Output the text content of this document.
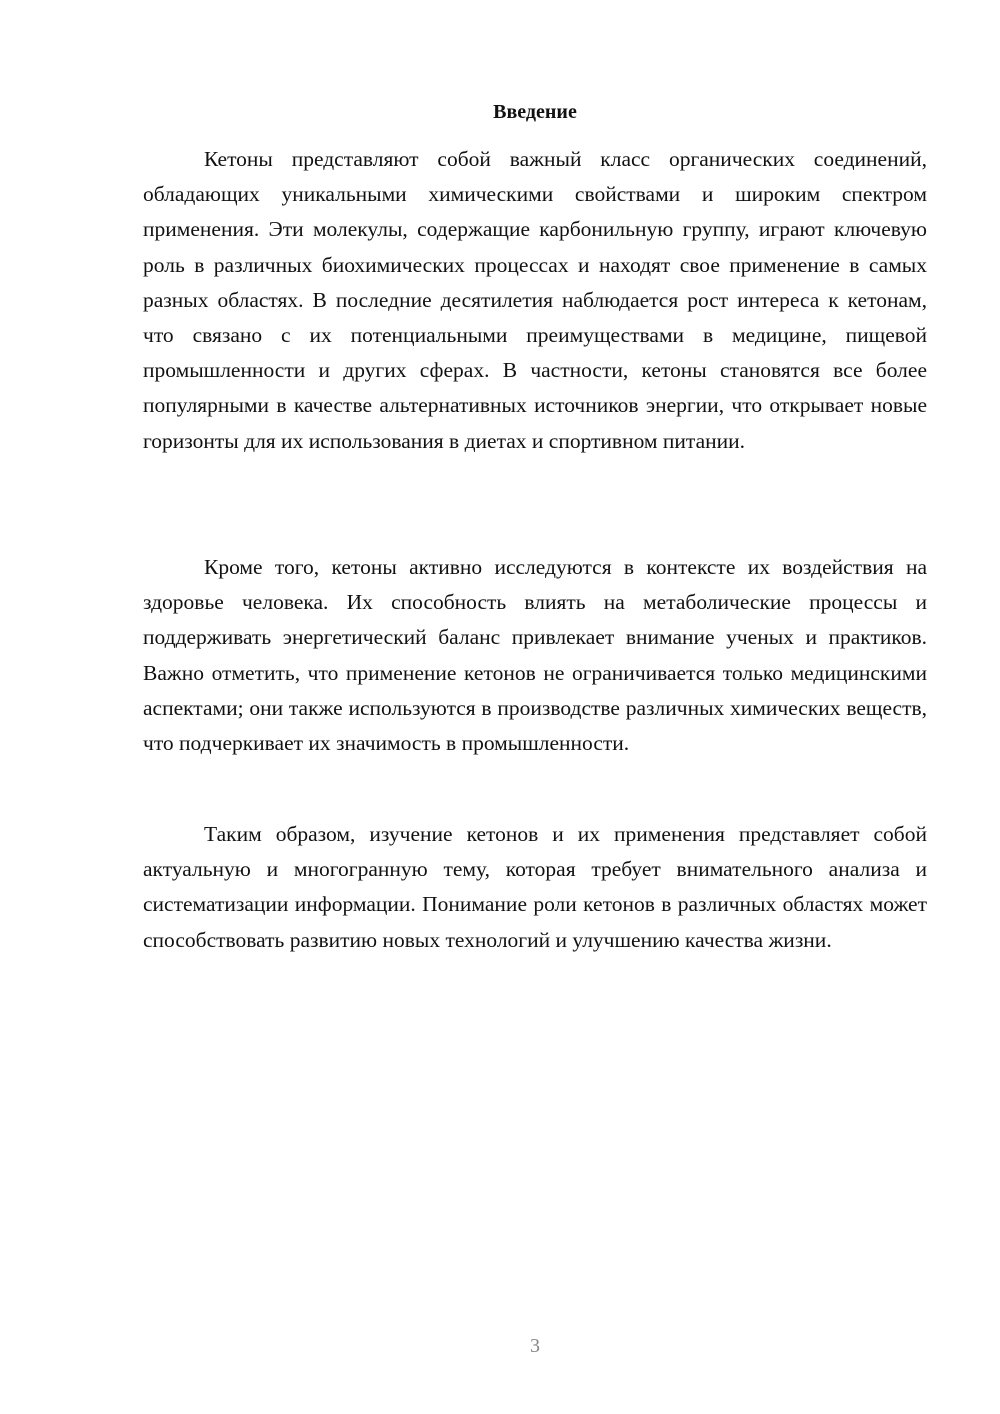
Введение

Кетоны представляют собой важный класс органических соединений, обладающих уникальными химическими свойствами и широким спектром применения. Эти молекулы, содержащие карбонильную группу, играют ключевую роль в различных биохимических процессах и находят свое применение в самых разных областях. В последние десятилетия наблюдается рост интереса к кетонам, что связано с их потенциальными преимуществами в медицине, пищевой промышленности и других сферах. В частности, кетоны становятся все более популярными в качестве альтернативных источников энергии, что открывает новые горизонты для их использования в диетах и спортивном питании.

Кроме того, кетоны активно исследуются в контексте их воздействия на здоровье человека. Их способность влиять на метаболические процессы и поддерживать энергетический баланс привлекает внимание ученых и практиков. Важно отметить, что применение кетонов не ограничивается только медицинскими аспектами; они также используются в производстве различных химических веществ, что подчеркивает их значимость в промышленности.

Таким образом, изучение кетонов и их применения представляет собой актуальную и многогранную тему, которая требует внимательного анализа и систематизации информации. Понимание роли кетонов в различных областях может способствовать развитию новых технологий и улучшению качества жизни.

3
